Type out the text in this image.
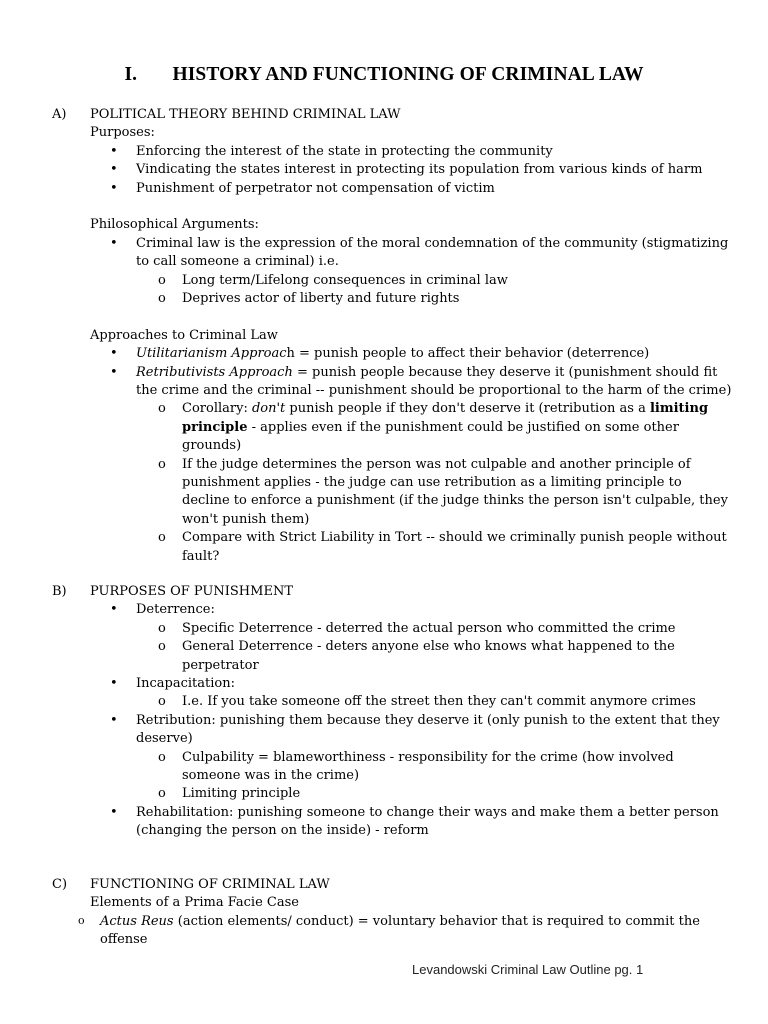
I. HISTORY AND FUNCTIONING OF CRIMINAL LAW
A) POLITICAL THEORY BEHIND CRIMINAL LAW

Purposes:

• Enforcing the interest of the state in protecting the community
• Vindicating the states interest in protecting its population from various kinds of harm
• Punishment of perpetrator not compensation of victim

Philosophical Arguments:

• Criminal law is the expression of the moral condemnation of the community (stigmatizing to call someone a criminal) i.e.
o Long term/Lifelong consequences in criminal law
o Deprives actor of liberty and future rights

Approaches to Criminal Law

• Utilitarianism Approach = punish people to affect their behavior (deterrence)
• Retributivists Approach = punish people because they deserve it (punishment should fit the crime and the criminal -- punishment should be proportional to the harm of the crime)
o Corollary: don't punish people if they don't deserve it (retribution as a limiting principle - applies even if the punishment could be justified on some other grounds)
o If the judge determines the person was not culpable and another principle of punishment applies - the judge can use retribution as a limiting principle to decline to enforce a punishment (if the judge thinks the person isn't culpable, they won't punish them)
o Compare with Strict Liability in Tort -- should we criminally punish people without fault?
B) PURPOSES OF PUNISHMENT
• Deterrence:
o Specific Deterrence - deterred the actual person who committed the crime
o General Deterrence - deters anyone else who knows what happened to the perpetrator
• Incapacitation:
o I.e. If you take someone off the street then they can't commit anymore crimes
• Retribution: punishing them because they deserve it (only punish to the extent that they deserve)
o Culpability = blameworthiness - responsibility for the crime (how involved someone was in the crime)
o Limiting principle
• Rehabilitation: punishing someone to change their ways and make them a better person (changing the person on the inside) - reform
C) FUNCTIONING OF CRIMINAL LAW

Elements of a Prima Facie Case

o Actus Reus (action elements/ conduct) = voluntary behavior that is required to commit the offense
Levandowski Criminal Law Outline pg. 1
